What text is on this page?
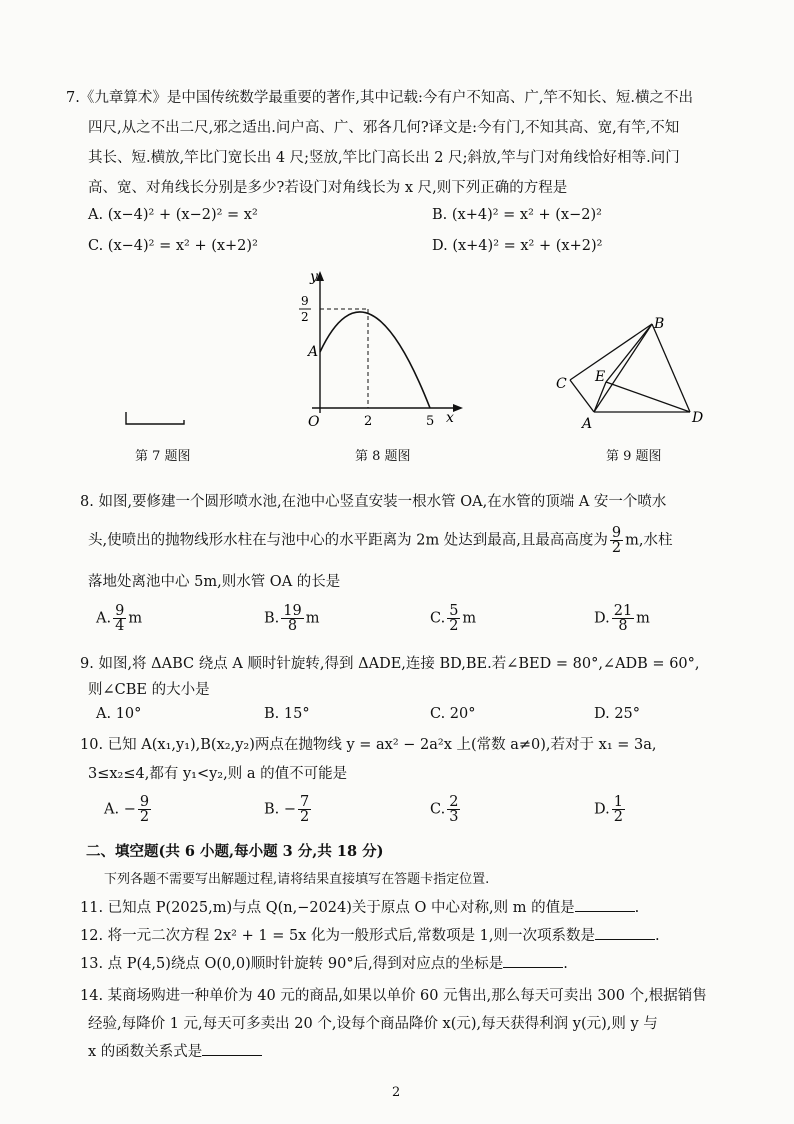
7.《九章算术》是中国传统数学最重要的著作,其中记载:今有户不知高、广,竿不知长、短.横之不出
四尺,从之不出二尺,邪之适出.问户高、广、邪各几何?译文是:今有门,不知其高、宽,有竿,不知
其长、短.横放,竿比门宽长出 4 尺;竖放,竿比门高长出 2 尺;斜放,竿与门对角线恰好相等.问门
高、宽、对角线长分别是多少?若设门对角线长为 x 尺,则下列正确的方程是
A. (x−4)² + (x−2)² = x²	B. (x+4)² = x² + (x−2)²
C. (x−4)² = x² + (x+2)²	D. (x+4)² = x² + (x+2)²
第 7 题图
y
x
O
A
2	5
9
2
第 8 题图
B
C E
A	D
第 9 题图
8. 如图,要修建一个圆形喷水池,在池中心竖直安装一根水管 OA,在水管的顶端 A 安一个喷水
头,使喷出的抛物线形水柱在与池中心的水平距离为 2m 处达到最高,且最高高度为 $\frac{9}{2} m$,水柱
落地处离池中心 5m,则水管 OA 的长是
A. $\frac{9}{4}$ m	B. $\frac{19}{8}$ m	C. $\frac{5}{2}$ m	D. $\frac{21}{8}$ m
9. 如图,将 ΔABC 绕点 A 顺时针旋转,得到 ΔADE,连接 BD,BE.若∠BED = 80°,∠ADB = 60°,
则∠CBE 的大小是
A. 10°	B. 15°	C. 20°	D. 25°
10. 已知 A(x₁,y₁),B(x₂,y₂)两点在抛物线 y = ax² − 2a²x 上(常数 a≠0),若对于 x₁ = 3a,
3≤x₂≤4,都有 y₁<y₂,则 a 的值不可能是
A. − $\frac{9}{2}$	B. − $\frac{7}{2}$	C. $\frac{2}{3}$	D. $\frac{1}{2}$
二、填空题(共 6 小题,每小题 3 分,共 18 分)
下列各题不需要写出解题过程,请将结果直接填写在答题卡指定位置.
11. 已知点 P(2025,m)与点 Q(n,−2024)关于原点 O 中心对称,则 m 的值是	.
12. 将一元二次方程 2x² + 1 = 5x 化为一般形式后,常数项是 1,则一次项系数是	.
13. 点 P(4,5)绕点 O(0,0)顺时针旋转 90°后,得到对应点的坐标是	.
14. 某商场购进一种单价为 40 元的商品,如果以单价 60 元售出,那么每天可卖出 300 个,根据销售
经验,每降价 1 元,每天可多卖出 20 个,设每个商品降价 x(元),每天获得利润 y(元),则 y 与
x 的函数关系式是
2
